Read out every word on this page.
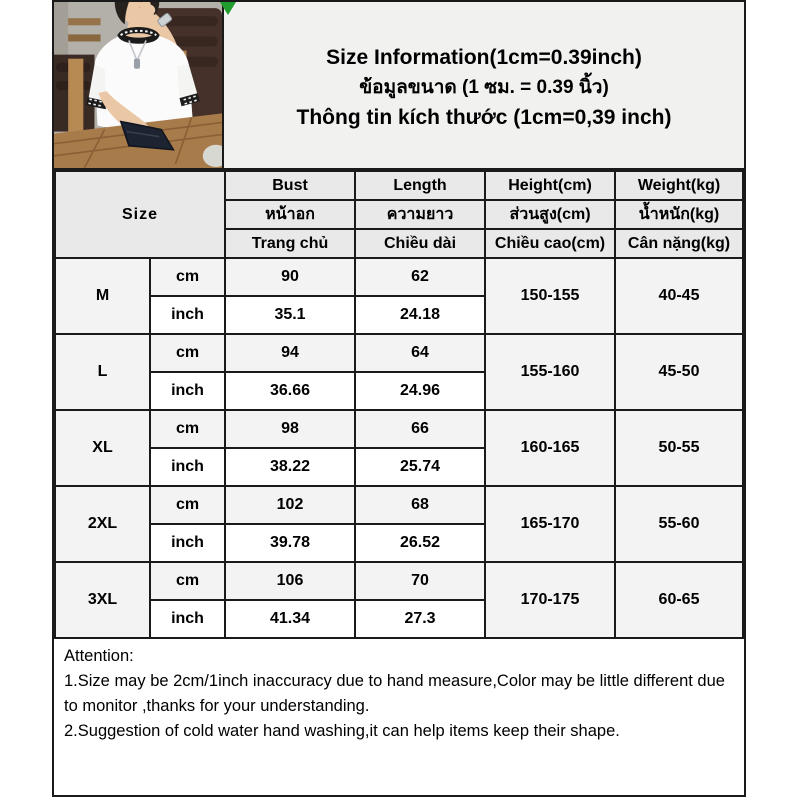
Size Information(1cm=0.39inch)
ข้อมูลขนาด (1 ซม. = 0.39 นิ้ว)
Thông tin kích thước (1cm=0,39 inch)
Size		Bust	Length	Height(cm)	Weight(kg)
		หน้าอก	ความยาว	ส่วนสูง(cm)	น้ำหนัก(kg)
		Trang chủ	Chiều dài	Chiều cao(cm)	Cân nặng(kg)
M	cm	90	62	150-155	40-45
	inch	35.1	24.18		
L	cm	94	64	155-160	45-50
	inch	36.66	24.96		
XL	cm	98	66	160-165	50-55
	inch	38.22	25.74		
2XL	cm	102	68	165-170	55-60
	inch	39.78	26.52		
3XL	cm	106	70	170-175	60-65
	inch	41.34	27.3		
Attention:
1.Size may be 2cm/1inch inaccuracy due to hand measure,Color may be little different due to monitor ,thanks for your understanding.
2.Suggestion of cold water hand washing,it can help items keep their shape.
